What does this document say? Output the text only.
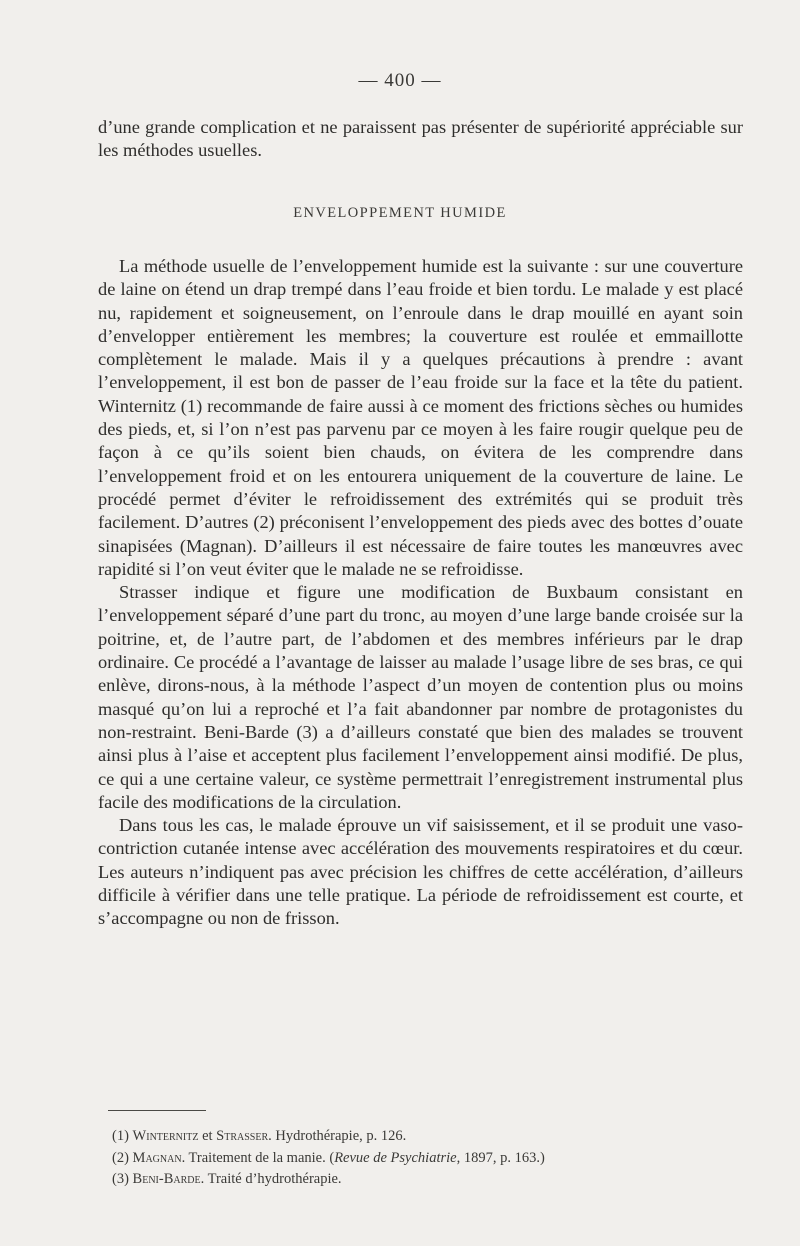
— 400 —
d’une grande complication et ne paraissent pas présenter de supériorité appréciable sur les méthodes usuelles.
ENVELOPPEMENT HUMIDE

La méthode usuelle de l’enveloppement humide est la suivante : sur une couverture de laine on étend un drap trempé dans l’eau froide et bien tordu. Le malade y est placé nu, rapidement et soigneusement, on l’enroule dans le drap mouillé en ayant soin d’envelopper entièrement les membres; la couverture est roulée et emmaillotte complètement le malade. Mais il y a quelques précautions à prendre : avant l’enveloppement, il est bon de passer de l’eau froide sur la face et la tête du patient. Winternitz (1) recommande de faire aussi à ce moment des frictions sèches ou humides des pieds, et, si l’on n’est pas parvenu par ce moyen à les faire rougir quelque peu de façon à ce qu’ils soient bien chauds, on évitera de les comprendre dans l’enveloppement froid et on les entourera uniquement de la couverture de laine. Le procédé permet d’éviter le refroidissement des extrémités qui se produit très facilement. D’autres (2) préconisent l’enveloppement des pieds avec des bottes d’ouate sinapisées (Magnan). D’ailleurs il est nécessaire de faire toutes les manœuvres avec rapidité si l’on veut éviter que le malade ne se refroidisse.

Strasser indique et figure une modification de Buxbaum consistant en l’enveloppement séparé d’une part du tronc, au moyen d’une large bande croisée sur la poitrine, et, de l’autre part, de l’abdomen et des membres inférieurs par le drap ordinaire. Ce procédé a l’avantage de laisser au malade l’usage libre de ses bras, ce qui enlève, dirons-nous, à la méthode l’aspect d’un moyen de contention plus ou moins masqué qu’on lui a reproché et l’a fait abandonner par nombre de protagonistes du non-restraint. Beni-Barde (3) a d’ailleurs constaté que bien des malades se trouvent ainsi plus à l’aise et acceptent plus facilement l’enveloppement ainsi modifié. De plus, ce qui a une certaine valeur, ce système permettrait l’enregistrement instrumental plus facile des modifications de la circulation.

Dans tous les cas, le malade éprouve un vif saisissement, et il se produit une vaso-contriction cutanée intense avec accélération des mouvements respiratoires et du cœur. Les auteurs n’indiquent pas avec précision les chiffres de cette accélération, d’ailleurs difficile à vérifier dans une telle pratique. La période de refroidissement est courte, et s’accompagne ou non de frisson.

(1) Winternitz et Strasser. Hydrothérapie, p. 126.
(2) Magnan. Traitement de la manie. (Revue de Psychiatrie, 1897, p. 163.)
(3) Beni-Barde. Traité d’hydrothérapie.
